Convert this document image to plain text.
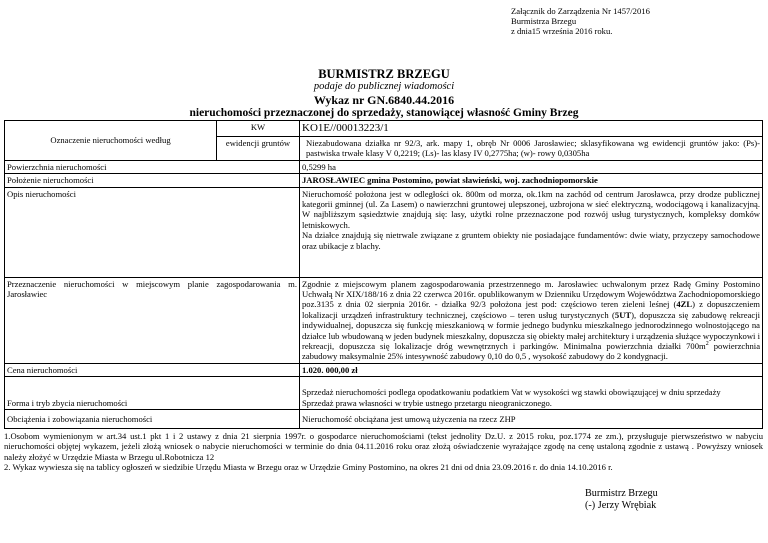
Załącznik do Zarządzenia Nr 1457/2016
Burmistrza Brzegu
z dnia15 września 2016 roku.
BURMISTRZ BRZEGU
podaje do publicznej wiadomości
Wykaz nr GN.6840.44.2016
nieruchomości przeznaczonej do sprzedaży, stanowiącej własność Gminy Brzeg
Oznaczenie nieruchomości według	KW	KO1E//00013223/1
	ewidencji gruntów	Niezabudowana działka nr 92/3, ark. mapy 1, obręb Nr 0006 Jarosławiec; sklasyfikowana wg ewidencji gruntów jako: (Ps)- pastwiska trwałe klasy V 0,2219; (Ls)- las klasy IV 0,2775ha; (w)- rowy 0,0305ha
Powierzchnia nieruchomości		0,5299 ha
Położenie nieruchomości		JAROSŁAWIEC gmina Postomino, powiat sławieński, woj. zachodniopomorskie
Opis nieruchomości		Nieruchomość położona jest w odległości ok. 800m od morza, ok.1km na zachód od centrum Jarosławca, przy drodze publicznej kategorii gminnej (ul. Za Lasem) o nawierzchni gruntowej ulepszonej, uzbrojona w sieć elektryczną, wodociągową i kanalizacyjną. W najbliższym sąsiedztwie znajdują się: lasy, użytki rolne przeznaczone pod rozwój usług turystycznych, kompleksy domków letniskowych.
Na działce znajdują się nietrwale związane z gruntem obiekty nie posiadające fundamentów: dwie wiaty, przyczepy samochodowe oraz ubikacje z blachy.

Przeznaczenie nieruchomości w miejscowym planie zagospodarowania m. Jarosławiec		Zgodnie z miejscowym planem zagospodarowania przestrzennego m. Jarosławiec uchwalonym przez Radę Gminy Postomino Uchwałą Nr XIX/188/16 z dnia 22 czerwca 2016r. opublikowanym w Dzienniku Urzędowym Województwa Zachodniopomorskiego poz.3135 z dnia 02 sierpnia 2016r. - działka 92/3 położona jest pod: częściowo teren zieleni leśnej (4ZL) z dopuszczeniem lokalizacji urządzeń infrastruktury technicznej, częściowo – teren usług turystycznych (5UT), dopuszcza się zabudowę rekreacji indywidualnej, dopuszcza się funkcję mieszkaniową w formie jednego budynku mieszkalnego jednorodzinnego wolnostojącego na działce lub wbudowaną w jeden budynek mieszkalny, dopuszcza się obiekty małej architektury i urządzenia służące wypoczynkowi i rekreacji, dopuszcza się lokalizacje dróg wewnętrznych i parkingów. Minimalna powierzchnia działki $700m^2$ powierzchnia zabudowy maksymalnie 25% intesywność zabudowy 0,10 do 0,5 , wysokość zabudowy do 2 kondygnacji.
Cena nieruchomości		1.020. 000,00 zł
Forma i tryb zbycia nieruchomości		Sprzedaż nieruchomości podlega opodatkowaniu podatkiem Vat w wysokości wg stawki obowiązującej w dniu sprzedaży
Sprzedaż prawa własności w trybie ustnego przetargu nieograniczonego.

Obciążenia i zobowiązania nieruchomości		Nieruchomość obciążana jest umową użyczenia na rzecz ZHP
1.Osobom wymienionym w art.34 ust.1 pkt 1 i 2 ustawy z dnia 21 sierpnia 1997r. o gospodarce nieruchomościami (tekst jednolity Dz.U. z 2015 roku, poz.1774 ze zm.), przysługuje pierwszeństwo w nabyciu nieruchomości objętej wykazem, jeżeli złożą wniosek o nabycie nieruchomości w terminie do dnia 04.11.2016 roku oraz złożą oświadczenie wyrażające zgodę na cenę ustaloną zgodnie z ustawą . Powyższy wniosek należy złożyć w Urzędzie Miasta w Brzegu ul.Robotnicza 12
2. Wykaz wywiesza się na tablicy ogłoszeń w siedzibie Urzędu Miasta w Brzegu oraz w Urzędzie Gminy Postomino, na okres 21 dni od dnia 23.09.2016 r. do dnia 14.10.2016 r.
Burmistrz Brzegu
(-) Jerzy Wrębiak
